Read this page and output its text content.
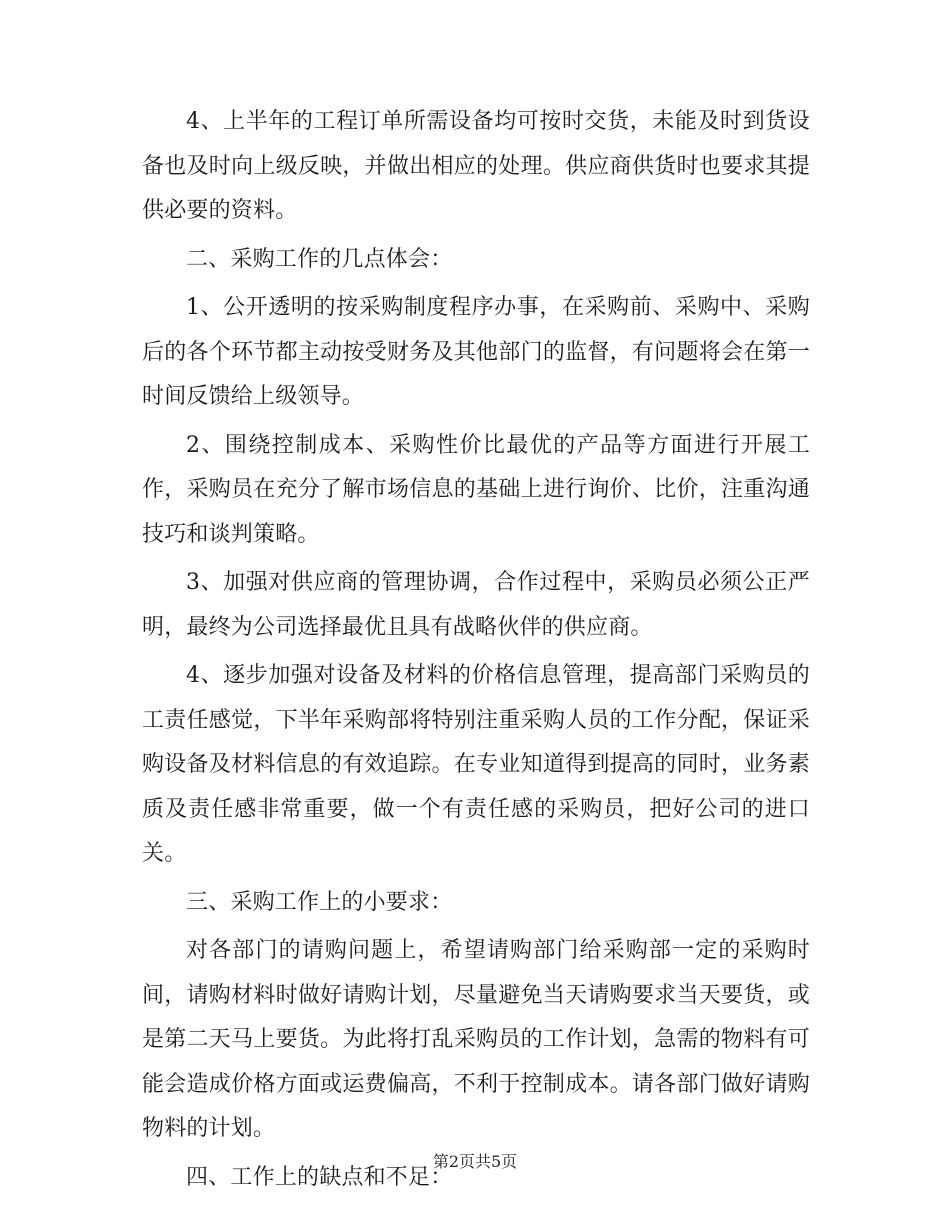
4、上半年的工程订单所需设备均可按时交货，未能及时到货设备也及时向上级反映，并做出相应的处理。供应商供货时也要求其提供必要的资料。

二、采购工作的几点体会：

1、公开透明的按采购制度程序办事，在采购前、采购中、采购后的各个环节都主动按受财务及其他部门的监督，有问题将会在第一时间反馈给上级领导。

2、围绕控制成本、采购性价比最优的产品等方面进行开展工作，采购员在充分了解市场信息的基础上进行询价、比价，注重沟通技巧和谈判策略。

3、加强对供应商的管理协调，合作过程中，采购员必须公正严明，最终为公司选择最优且具有战略伙伴的供应商。

4、逐步加强对设备及材料的价格信息管理，提高部门采购员的工责任感觉，下半年采购部将特别注重采购人员的工作分配，保证采购设备及材料信息的有效追踪。在专业知道得到提高的同时，业务素质及责任感非常重要，做一个有责任感的采购员，把好公司的进口关。

三、采购工作上的小要求：

对各部门的请购问题上，希望请购部门给采购部一定的采购时间，请购材料时做好请购计划，尽量避免当天请购要求当天要货，或是第二天马上要货。为此将打乱采购员的工作计划，急需的物料有可能会造成价格方面或运费偏高，不利于控制成本。请各部门做好请购物料的计划。

四、工作上的缺点和不足：

第2页共5页
